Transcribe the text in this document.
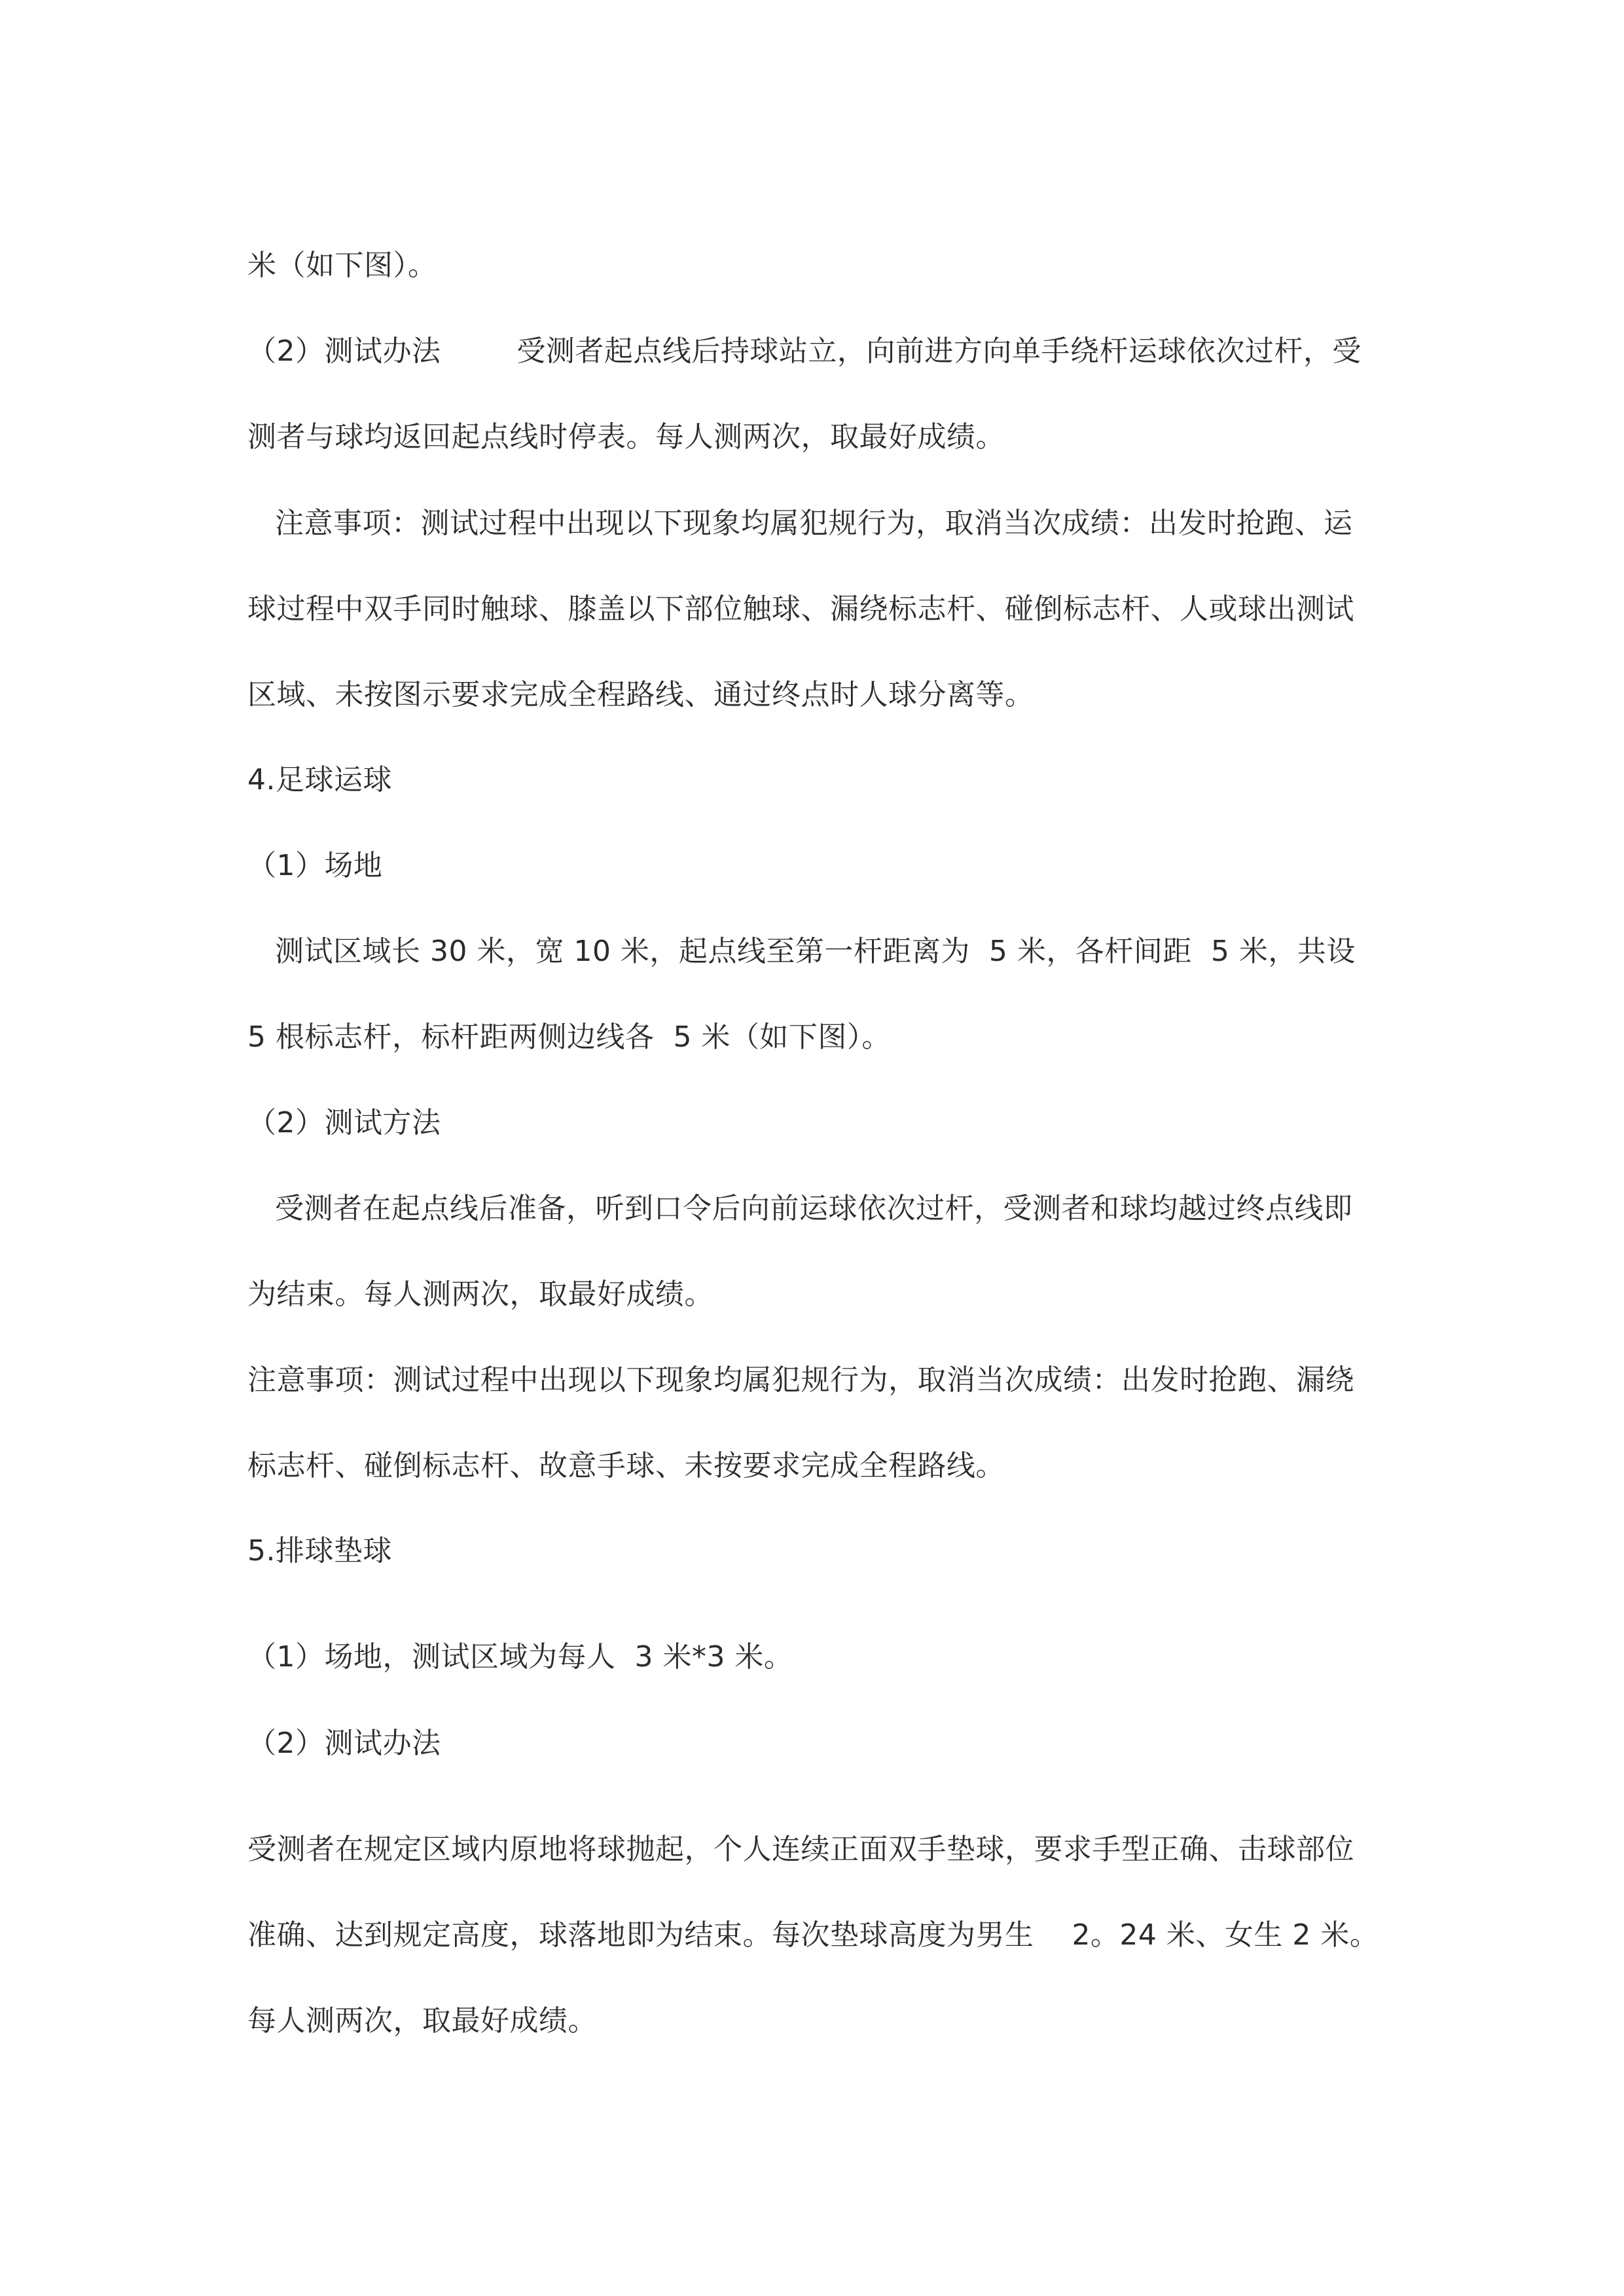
米（如下图）。

（2）测试办法        受测者起点线后持球站立，向前进方向单手绕杆运球依次过杆，受

测者与球均返回起点线时停表。每人测两次，取最好成绩。

注意事项：测试过程中出现以下现象均属犯规行为，取消当次成绩：出发时抢跑、运

球过程中双手同时触球、膝盖以下部位触球、漏绕标志杆、碰倒标志杆、人或球出测试

区域、未按图示要求完成全程路线、通过终点时人球分离等。

4.足球运球

（1）场地

测试区域长 30 米，宽 10 米，起点线至第一杆距离为  5 米，各杆间距  5 米，共设

5 根标志杆，标杆距两侧边线各  5 米（如下图）。

（2）测试方法

受测者在起点线后准备，听到口令后向前运球依次过杆，受测者和球均越过终点线即

为结束。每人测两次，取最好成绩。

注意事项：测试过程中出现以下现象均属犯规行为，取消当次成绩：出发时抢跑、漏绕

标志杆、碰倒标志杆、故意手球、未按要求完成全程路线。

5.排球垫球

（1）场地，测试区域为每人  3 米*3 米。

（2）测试办法

受测者在规定区域内原地将球抛起，个人连续正面双手垫球，要求手型正确、击球部位

准确、达到规定高度，球落地即为结束。每次垫球高度为男生    2。24 米、女生 2 米。

每人测两次，取最好成绩。
